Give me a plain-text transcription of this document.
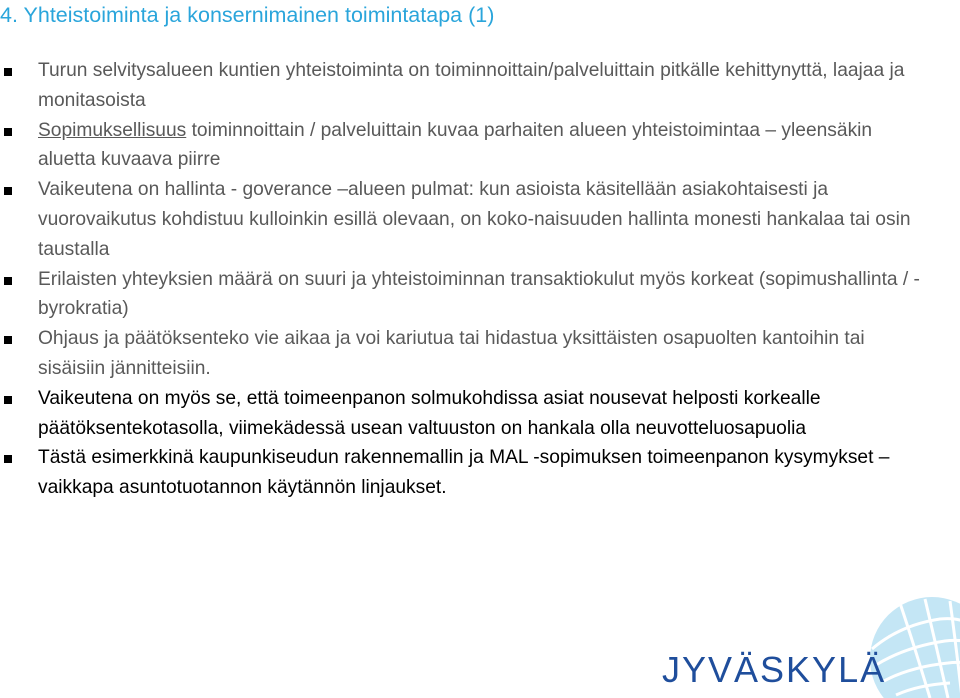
4. Yhteistoiminta ja konsernimainen toimintatapa (1)
Turun selvitysalueen kuntien yhteistoiminta on toiminnoittain/palveluittain pitkälle kehittynyttä, laajaa ja monitasoista
Sopimuksellisuus toiminnoittain / palveluittain kuvaa parhaiten alueen yhteistoimintaa – yleensäkin aluetta kuvaava piirre
Vaikeutena on hallinta - goverance –alueen pulmat: kun asioista käsitellään asiakohtaisesti ja vuorovaikutus kohdistuu kulloinkin esillä olevaan, on koko-naisuuden hallinta monesti hankalaa tai osin taustalla
Erilaisten yhteyksien määrä on suuri ja yhteistoiminnan transaktiokulut myös korkeat (sopimushallinta / -byrokratia)
Ohjaus ja päätöksenteko vie aikaa ja voi kariutua tai hidastua yksittäisten osapuolten kantoihin tai sisäisiin jännitteisiin.
Vaikeutena on myös se, että toimeenpanon solmukohdissa asiat nousevat helposti korkealle päätöksentekotasolla, viimekädessä usean valtuuston on hankala olla neuvotteluosapuolia
Tästä esimerkkinä kaupunkiseudun rakennemallin ja MAL -sopimuksen toimeenpanon kysymykset – vaikkapa asuntotuotannon käytännön linjaukset.
JYVÄSKYLÄ
